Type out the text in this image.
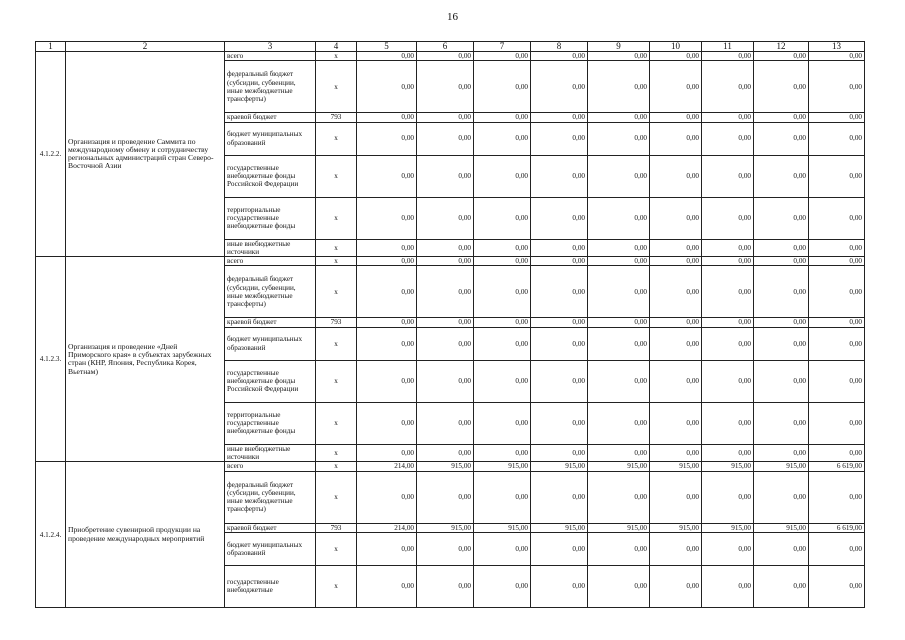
16
1	2	3	4	5	6	7	8	9	10	11	12	13
4.1.2.2.	Организация и проведение Саммита по международному обмену и сотрудничеству региональных администраций стран Северо-Восточной Азии	всего	x	0,00	0,00	0,00	0,00	0,00	0,00	0,00	0,00	0,00
		федеральный бюджет (субсидии, субвенции, иные межбюджетные трансферты)	x	0,00	0,00	0,00	0,00	0,00	0,00	0,00	0,00	0,00
		краевой бюджет	793	0,00	0,00	0,00	0,00	0,00	0,00	0,00	0,00	0,00
		бюджет муниципальных образований	x	0,00	0,00	0,00	0,00	0,00	0,00	0,00	0,00	0,00
		государственные внебюджетные фонды Российской Федерации	x	0,00	0,00	0,00	0,00	0,00	0,00	0,00	0,00	0,00
		территориальные государственные внебюджетные фонды	x	0,00	0,00	0,00	0,00	0,00	0,00	0,00	0,00	0,00
		иные внебюджетные источники	x	0,00	0,00	0,00	0,00	0,00	0,00	0,00	0,00	0,00
4.1.2.3.	Организация и проведение «Дней Приморского края» в субъектах зарубежных стран (КНР, Япония, Республика Корея, Вьетнам)	всего	x	0,00	0,00	0,00	0,00	0,00	0,00	0,00	0,00	0,00
		федеральный бюджет (субсидии, субвенции, иные межбюджетные трансферты)	x	0,00	0,00	0,00	0,00	0,00	0,00	0,00	0,00	0,00
		краевой бюджет	793	0,00	0,00	0,00	0,00	0,00	0,00	0,00	0,00	0,00
		бюджет муниципальных образований	x	0,00	0,00	0,00	0,00	0,00	0,00	0,00	0,00	0,00
		государственные внебюджетные фонды Российской Федерации	x	0,00	0,00	0,00	0,00	0,00	0,00	0,00	0,00	0,00
		территориальные государственные внебюджетные фонды	x	0,00	0,00	0,00	0,00	0,00	0,00	0,00	0,00	0,00
		иные внебюджетные источники	x	0,00	0,00	0,00	0,00	0,00	0,00	0,00	0,00	0,00
4.1.2.4.	Приобретение сувенирной продукции на проведение международных мероприятий	всего	x	214,00	915,00	915,00	915,00	915,00	915,00	915,00	915,00	6 619,00
		федеральный бюджет (субсидии, субвенции, иные межбюджетные трансферты)	x	0,00	0,00	0,00	0,00	0,00	0,00	0,00	0,00	0,00
		краевой бюджет	793	214,00	915,00	915,00	915,00	915,00	915,00	915,00	915,00	6 619,00
		бюджет муниципальных образований	x	0,00	0,00	0,00	0,00	0,00	0,00	0,00	0,00	0,00
		государственные внебюджетные	x	0,00	0,00	0,00	0,00	0,00	0,00	0,00	0,00	0,00
